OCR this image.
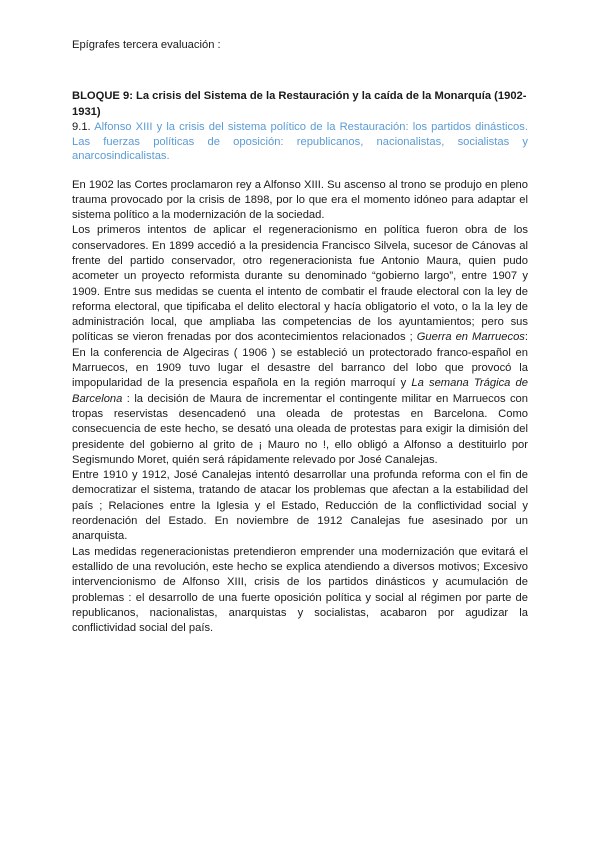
Epígrafes tercera evaluación :
BLOQUE 9: La crisis del Sistema de la Restauración y la caída de la Monarquía (1902-1931)
9.1. Alfonso XIII y la crisis del sistema político de la Restauración: los partidos dinásticos. Las fuerzas políticas de oposición: republicanos, nacionalistas, socialistas y anarcosindicalistas.

En 1902 las Cortes proclamaron rey a Alfonso XIII. Su ascenso al trono se produjo en pleno trauma provocado por la crisis de 1898, por lo que era el momento idóneo para adaptar el sistema político a la modernización de la sociedad.

Los primeros intentos de aplicar el regeneracionismo en política fueron obra de los conservadores. En 1899 accedió a la presidencia Francisco Silvela, sucesor de Cánovas al frente del partido conservador, otro regeneracionista fue Antonio Maura, quien pudo acometer un proyecto reformista durante su denominado “gobierno largo”, entre 1907 y 1909. Entre sus medidas se cuenta el intento de combatir el fraude electoral con la ley de reforma electoral, que tipificaba el delito electoral y hacía obligatorio el voto, o la la ley de administración local, que ampliaba las competencias de los ayuntamientos; pero sus políticas se vieron frenadas por dos acontecimientos relacionados ; Guerra en Marruecos: En la conferencia de Algeciras ( 1906 ) se estableció un protectorado franco-español en Marruecos, en 1909 tuvo lugar el desastre del barranco del lobo que provocó la impopularidad de la presencia española en la región marroquí y La semana Trágica de Barcelona : la decisión de Maura de incrementar el contingente militar en Marruecos con tropas reservistas desencadenó una oleada de protestas en Barcelona. Como consecuencia de este hecho, se desató una oleada de protestas para exigir la dimisión del presidente del gobierno al grito de ¡ Mauro no !, ello obligó a Alfonso a destituirlo por Segismundo Moret, quién será rápidamente relevado por José Canalejas.

Entre 1910 y 1912, José Canalejas intentó desarrollar una profunda reforma con el fin de democratizar el sistema, tratando de atacar los problemas que afectan a la estabilidad del país ; Relaciones entre la Iglesia y el Estado, Reducción de la conflictividad social y reordenación del Estado. En noviembre de 1912 Canalejas fue asesinado por un anarquista.

Las medidas regeneracionistas pretendieron emprender una modernización que evitará el estallido de una revolución, este hecho se explica atendiendo a diversos motivos; Excesivo intervencionismo de Alfonso XIII, crisis de los partidos dinásticos y acumulación de problemas : el desarrollo de una fuerte oposición política y social al régimen por parte de republicanos, nacionalistas, anarquistas y socialistas, acabaron por agudizar la conflictividad social del país.
